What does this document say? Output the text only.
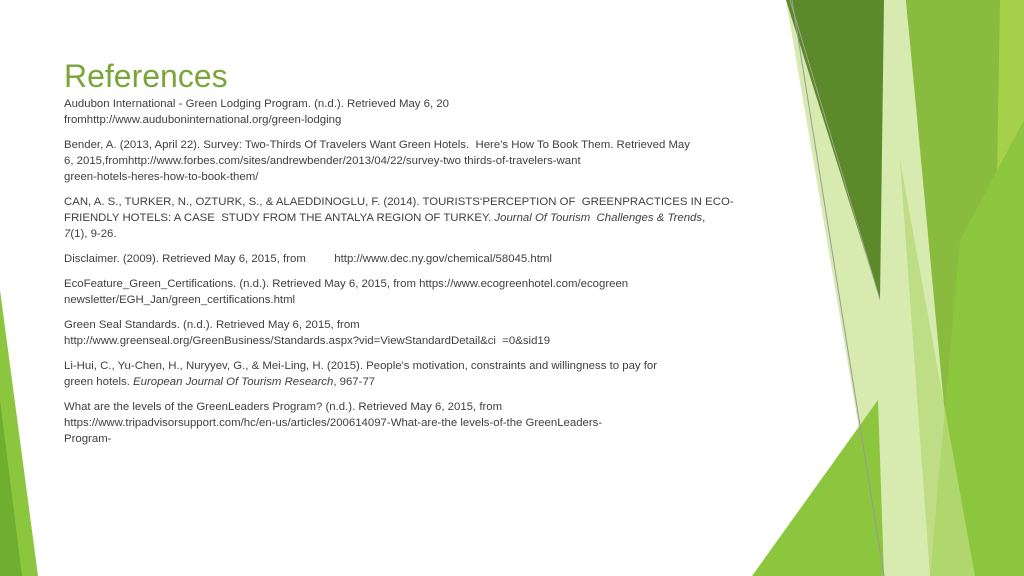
References
Audubon International - Green Lodging Program. (n.d.). Retrieved May 6, 20
fromhttp://www.auduboninternational.org/green-lodging
Bender, A. (2013, April 22). Survey: Two-Thirds Of Travelers Want Green Hotels.  Here's How To Book Them. Retrieved May
6, 2015,fromhttp://www.forbes.com/sites/andrewbender/2013/04/22/survey-two thirds-of-travelers-want
green-hotels-heres-how-to-book-them/
CAN, A. S., TURKER, N., OZTURK, S., & ALAEDDINOGLU, F. (2014). TOURISTS‘PERCEPTION OF  GREENPRACTICES IN ECO-
FRIENDLY HOTELS: A CASE  STUDY FROM THE ANTALYA REGION OF TURKEY. Journal Of Tourism  Challenges & Trends,
7(1), 9-26.
Disclaimer. (2009). Retrieved May 6, 2015, from         http://www.dec.ny.gov/chemical/58045.html
EcoFeature_Green_Certifications. (n.d.). Retrieved May 6, 2015, from https://www.ecogreenhotel.com/ecogreen
newsletter/EGH_Jan/green_certifications.html
Green Seal Standards. (n.d.). Retrieved May 6, 2015, from
http://www.greenseal.org/GreenBusiness/Standards.aspx?vid=ViewStandardDetail&ci  =0&sid19
Li-Hui, C., Yu-Chen, H., Nuryyev, G., & Mei-Ling, H. (2015). People's motivation, constraints and willingness to pay for
green hotels. European Journal Of Tourism Research, 967-77
What are the levels of the GreenLeaders Program? (n.d.). Retrieved May 6, 2015, from
https://www.tripadvisorsupport.com/hc/en-us/articles/200614097-What-are-the levels-of-the GreenLeaders-
Program-
